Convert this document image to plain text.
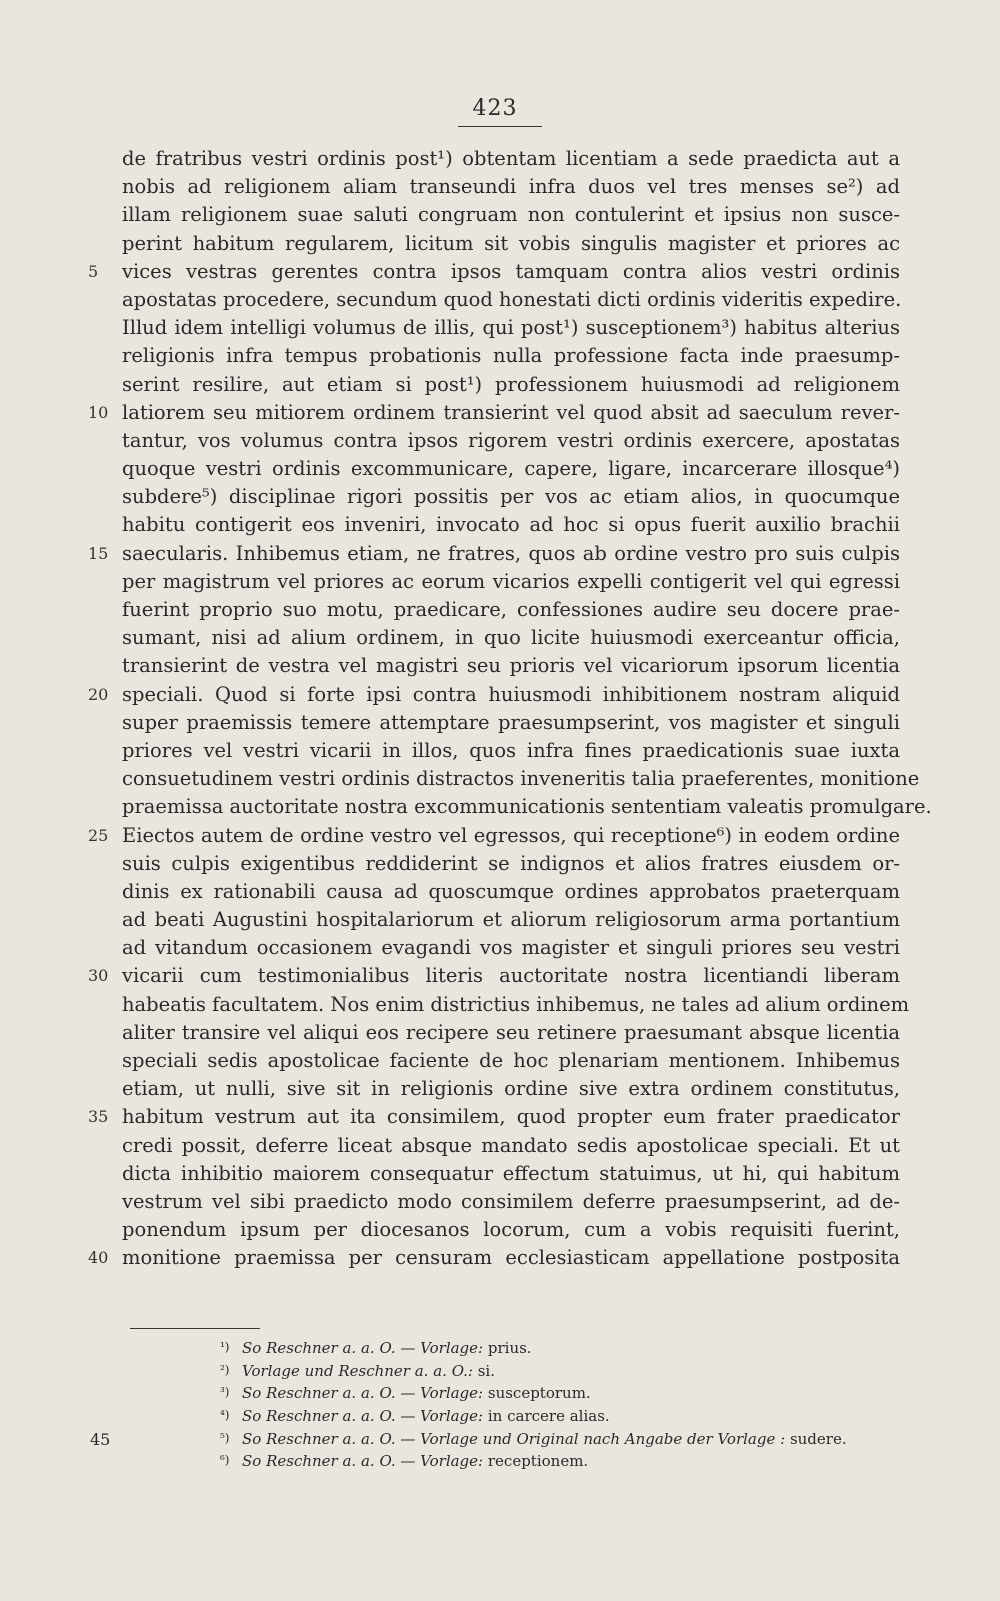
423
de fratribus vestri ordinis post¹) obtentam licentiam a sede praedicta aut a
nobis ad religionem aliam transeundi infra duos vel tres menses se²) ad
illam religionem suae saluti congruam non contulerint et ipsius non susce-
perint habitum regularem, licitum sit vobis singulis magister et priores ac
5	vices vestras gerentes contra ipsos tamquam contra alios vestri ordinis
apostatas procedere, secundum quod honestati dicti ordinis videritis expedire.
Illud idem intelligi volumus de illis, qui post¹) susceptionem³) habitus alterius
religionis infra tempus probationis nulla professione facta inde praesump-
serint resilire, aut etiam si post¹) professionem huiusmodi ad religionem
10 latiorem seu mitiorem ordinem transierint vel quod absit ad saeculum rever-
tantur, vos volumus contra ipsos rigorem vestri ordinis exercere, apostatas
quoque vestri ordinis excommunicare, capere, ligare, incarcerare illosque⁴)
subdere⁵) disciplinae rigori possitis per vos ac etiam alios, in quocumque
habitu contigerit eos inveniri, invocato ad hoc si opus fuerit auxilio brachii
15 saecularis. Inhibemus etiam, ne fratres, quos ab ordine vestro pro suis culpis
per magistrum vel priores ac eorum vicarios expelli contigerit vel qui egressi
fuerint proprio suo motu, praedicare, confessiones audire seu docere prae-
sumant, nisi ad alium ordinem, in quo licite huiusmodi exerceantur officia,
transierint de vestra vel magistri seu prioris vel vicariorum ipsorum licentia
20 speciali. Quod si forte ipsi contra huiusmodi inhibitionem nostram aliquid
super praemissis temere attemptare praesumpserint, vos magister et singuli
priores vel vestri vicarii in illos, quos infra fines praedicationis suae iuxta
consuetudinem vestri ordinis distractos inveneritis talia praeferentes, monitione
praemissa auctoritate nostra excommunicationis sententiam valeatis promulgare.
25 Eiectos autem de ordine vestro vel egressos, qui receptione⁶) in eodem ordine
suis culpis exigentibus reddiderint se indignos et alios fratres eiusdem or-
dinis ex rationabili causa ad quoscumque ordines approbatos praeterquam
ad beati Augustini hospitalariorum et aliorum religiosorum arma portantium
ad vitandum occasionem evagandi vos magister et singuli priores seu vestri
30 vicarii cum testimonialibus literis auctoritate nostra licentiandi liberam
habeatis facultatem. Nos enim districtius inhibemus, ne tales ad alium ordinem
aliter transire vel aliqui eos recipere seu retinere praesumant absque licentia
speciali sedis apostolicae faciente de hoc plenariam mentionem. Inhibemus
etiam, ut nulli, sive sit in religionis ordine sive extra ordinem constitutus,
35 habitum vestrum aut ita consimilem, quod propter eum frater praedicator
credi possit, deferre liceat absque mandato sedis apostolicae speciali. Et ut
dicta inhibitio maiorem consequatur effectum statuimus, ut hi, qui habitum
vestrum vel sibi praedicto modo consimilem deferre praesumpserint, ad de-
ponendum ipsum per diocesanos locorum, cum a vobis requisiti fuerint,
40 monitione praemissa per censuram ecclesiasticam appellatione postposita
¹) So Reschner a. a. O. — Vorlage: prius.
²) Vorlage und Reschner a. a. O.: si.
³) So Reschner a. a. O. — Vorlage: susceptorum.
⁴) So Reschner a. a. O. — Vorlage: in carcere alias.
⁵) So Reschner a. a. O. — Vorlage und Original nach Angabe der Vorlage : sudere.
⁶) So Reschner a. a. O. — Vorlage: receptionem.
45
